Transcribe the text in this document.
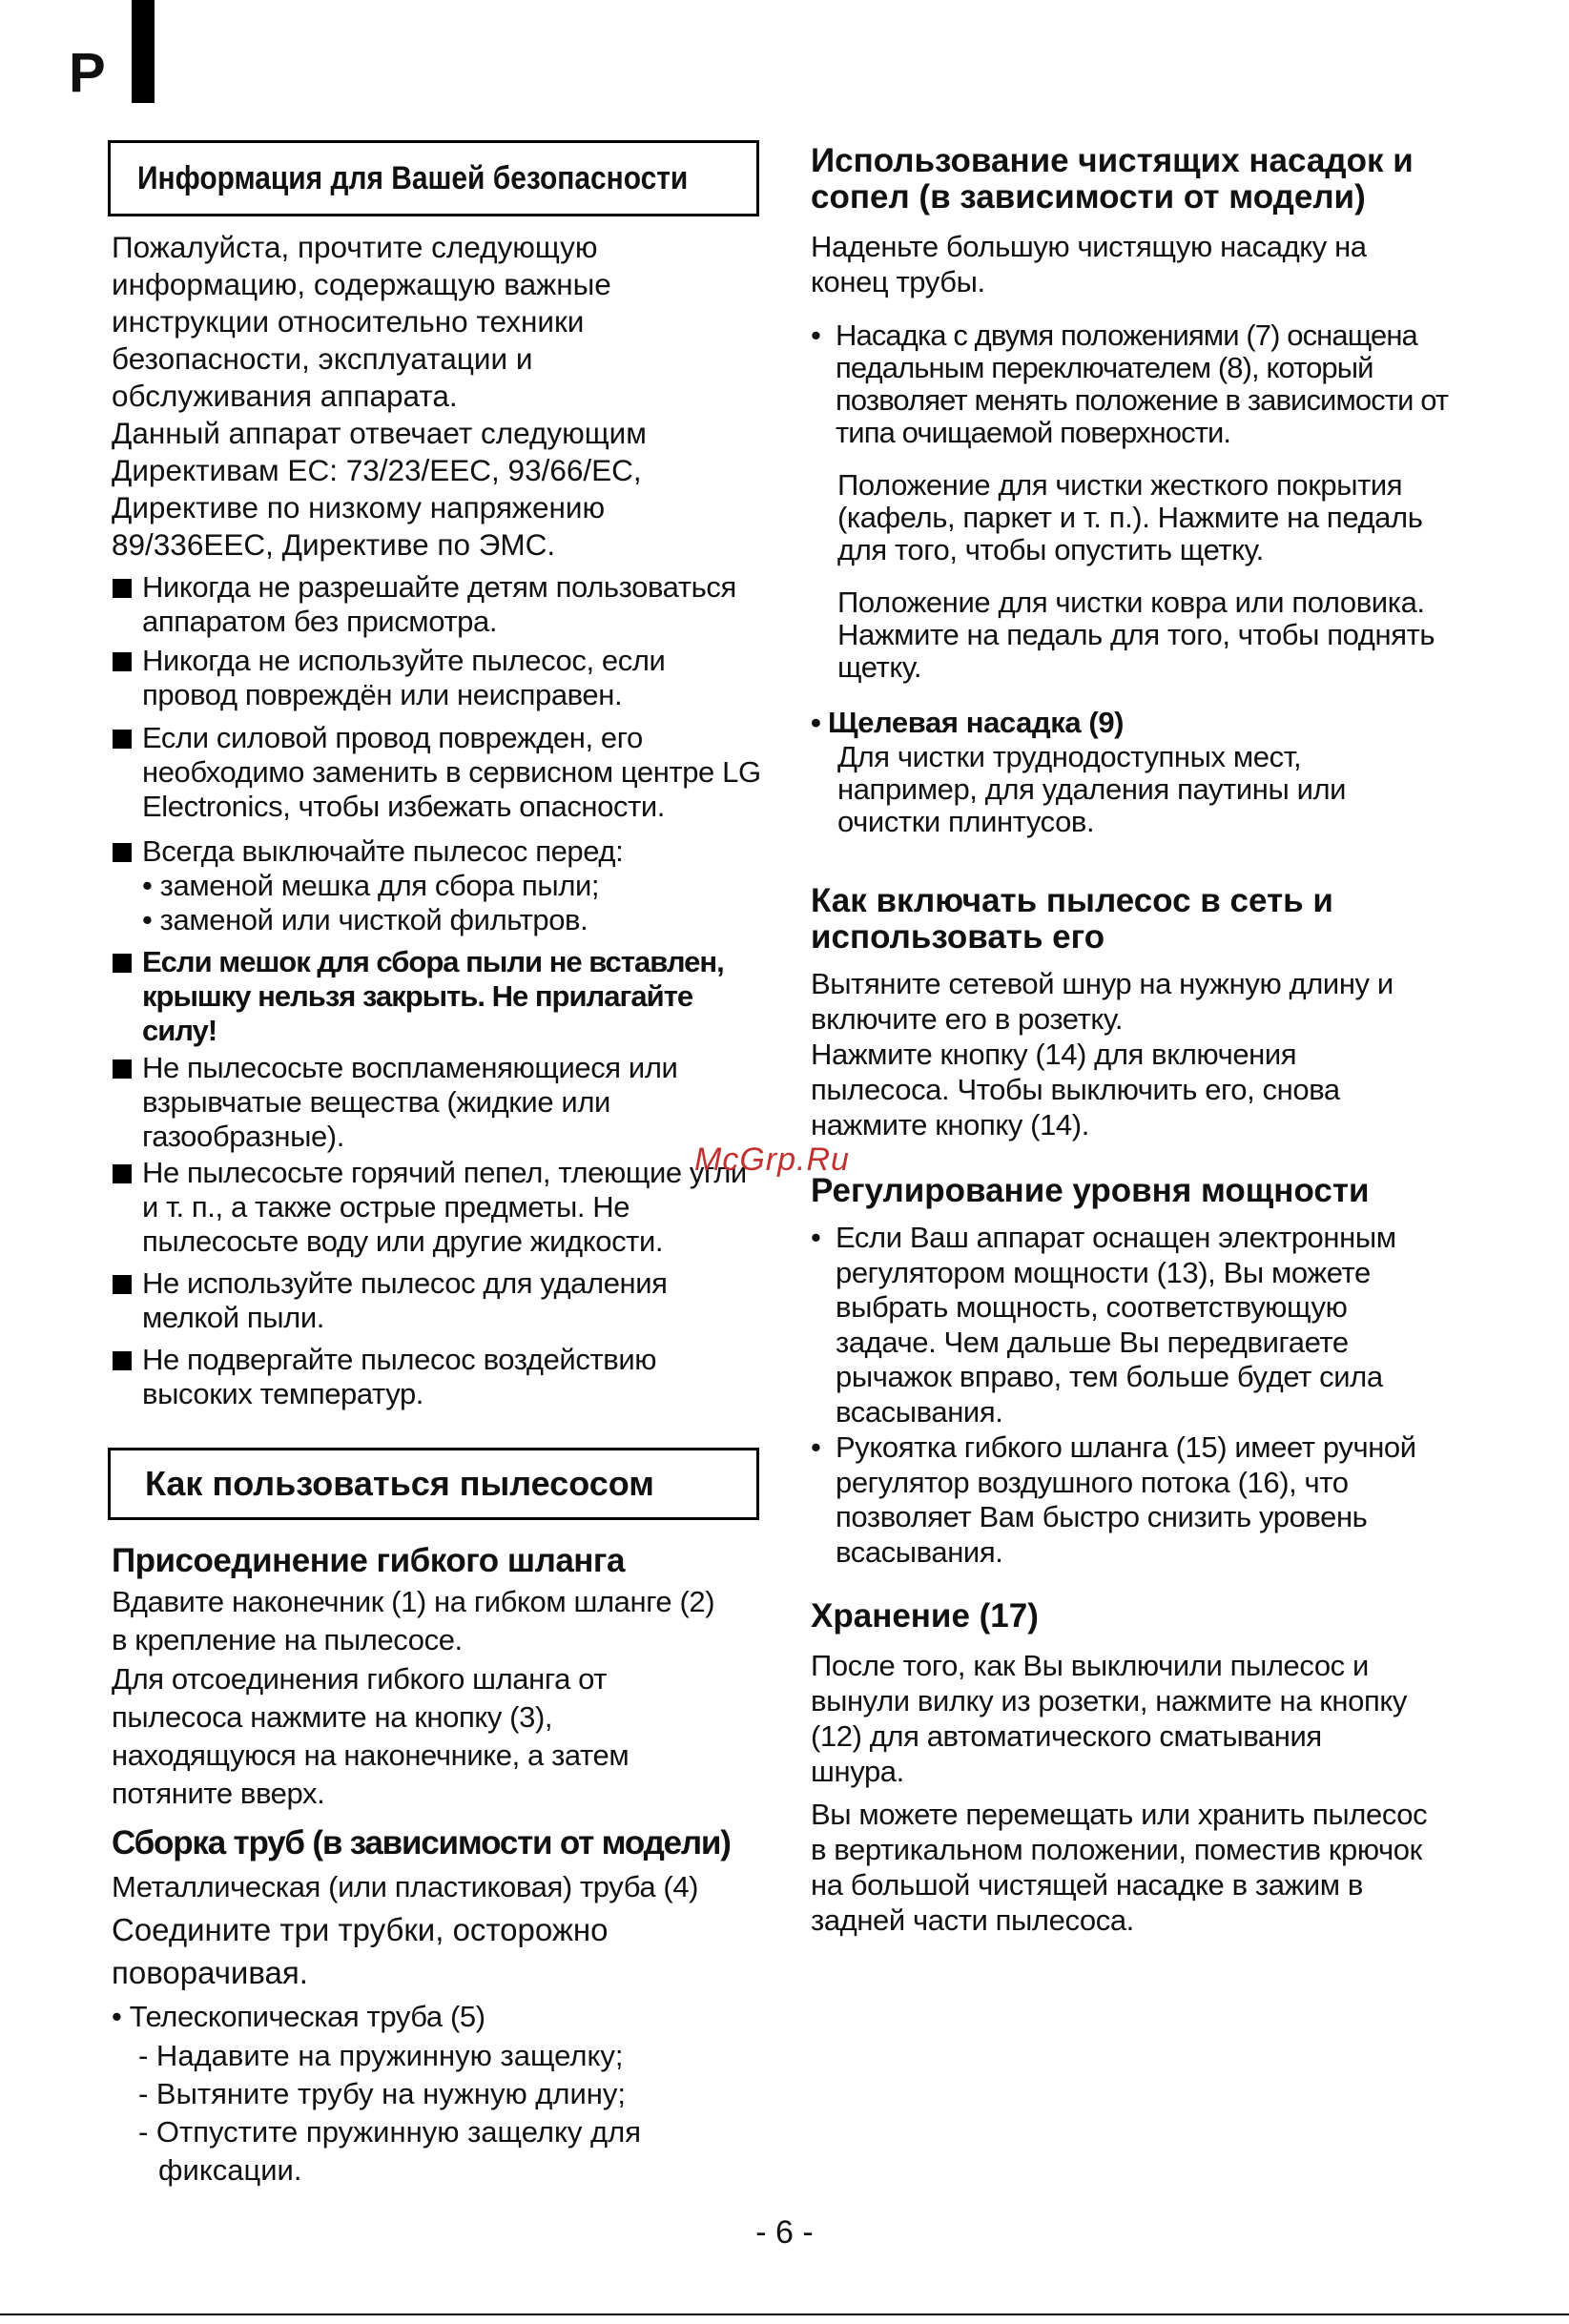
P
Информация для Вашей безопасности

Пожалуйста, прочтите следующую информацию, содержащую важные инструкции относительно техники безопасности, эксплуатации и обслуживания аппарата.

Данный аппарат отвечает следующим Директивам ЕС: 73/23/EEC, 93/66/EC, Директиве по низкому напряжению 89/336EEC, Директиве по ЭМС.

Никогда не разрешайте детям пользоваться аппаратом без присмотра.
Никогда не используйте пылесос, если провод повреждён или неисправен.
Если силовой провод поврежден, его необходимо заменить в сервисном центре LG Electronics, чтобы избежать опасности.
Всегда выключайте пылесос перед:
• заменой мешка для сбора пыли;
• заменой или чисткой фильтров.
Если мешок для сбора пыли не вставлен, крышку нельзя закрыть. Не прилагайте силу!
Не пылесосьте воспламеняющиеся или взрывчатые вещества (жидкие или газообразные).
Не пылесосьте горячий пепел, тлеющие угли и т. п., а также острые предметы. Не пылесосьте воду или другие жидкости.
Не используйте пылесос для удаления мелкой пыли.
Не подвергайте пылесос воздействию высоких температур.
Как пользоваться пылесосом

Присоединение гибкого шланга

Вдавите наконечник (1) на гибком шланге (2) в крепление на пылесосе.

Для отсоединения гибкого шланга от пылесоса нажмите на кнопку (3), находящуюся на наконечнике, а затем потяните вверх.

Сборка труб (в зависимости от модели)

Металлическая (или пластиковая) труба (4)

Соедините три трубки, осторожно поворачивая.

• Телескопическая труба (5)

- Надавите на пружинную защелку;

- Вытяните трубу на нужную длину;

- Отпустите пружинную защелку для

фиксации.

Использование чистящих насадок и сопел (в зависимости от модели)

Наденьте большую чистящую насадку на конец трубы.

• Насадка с двумя положениями (7) оснащена педальным переключателем (8), который позволяет менять положение в зависимости от типа очищаемой поверхности.

Положение для чистки жесткого покрытия (кафель, паркет и т. п.). Нажмите на педаль для того, чтобы опустить щетку.

Положение для чистки ковра или половика. Нажмите на педаль для того, чтобы поднять щетку.

• Щелевая насадка (9)

Для чистки труднодоступных мест, например, для удаления паутины или очистки плинтусов.

Как включать пылесос в сеть и использовать его

Вытяните сетевой шнур на нужную длину и включите его в розетку.

Нажмите кнопку (14) для включения пылесоса. Чтобы выключить его, снова нажмите кнопку (14).

Регулирование уровня мощности

• Если Ваш аппарат оснащен электронным регулятором мощности (13), Вы можете выбрать мощность, соответствующую задаче. Чем дальше Вы передвигаете рычажок вправо, тем больше будет сила всасывания.
• Рукоятка гибкого шланга (15) имеет ручной регулятор воздушного потока (16), что позволяет Вам быстро снизить уровень всасывания.

Хранение (17)

После того, как Вы выключили пылесос и вынули вилку из розетки, нажмите на кнопку (12) для автоматического сматывания шнура.

Вы можете перемещать или хранить пылесос в вертикальном положении, поместив крючок на большой чистящей насадке в зажим в задней части пылесоса.

McGrp.Ru
- 6 -
